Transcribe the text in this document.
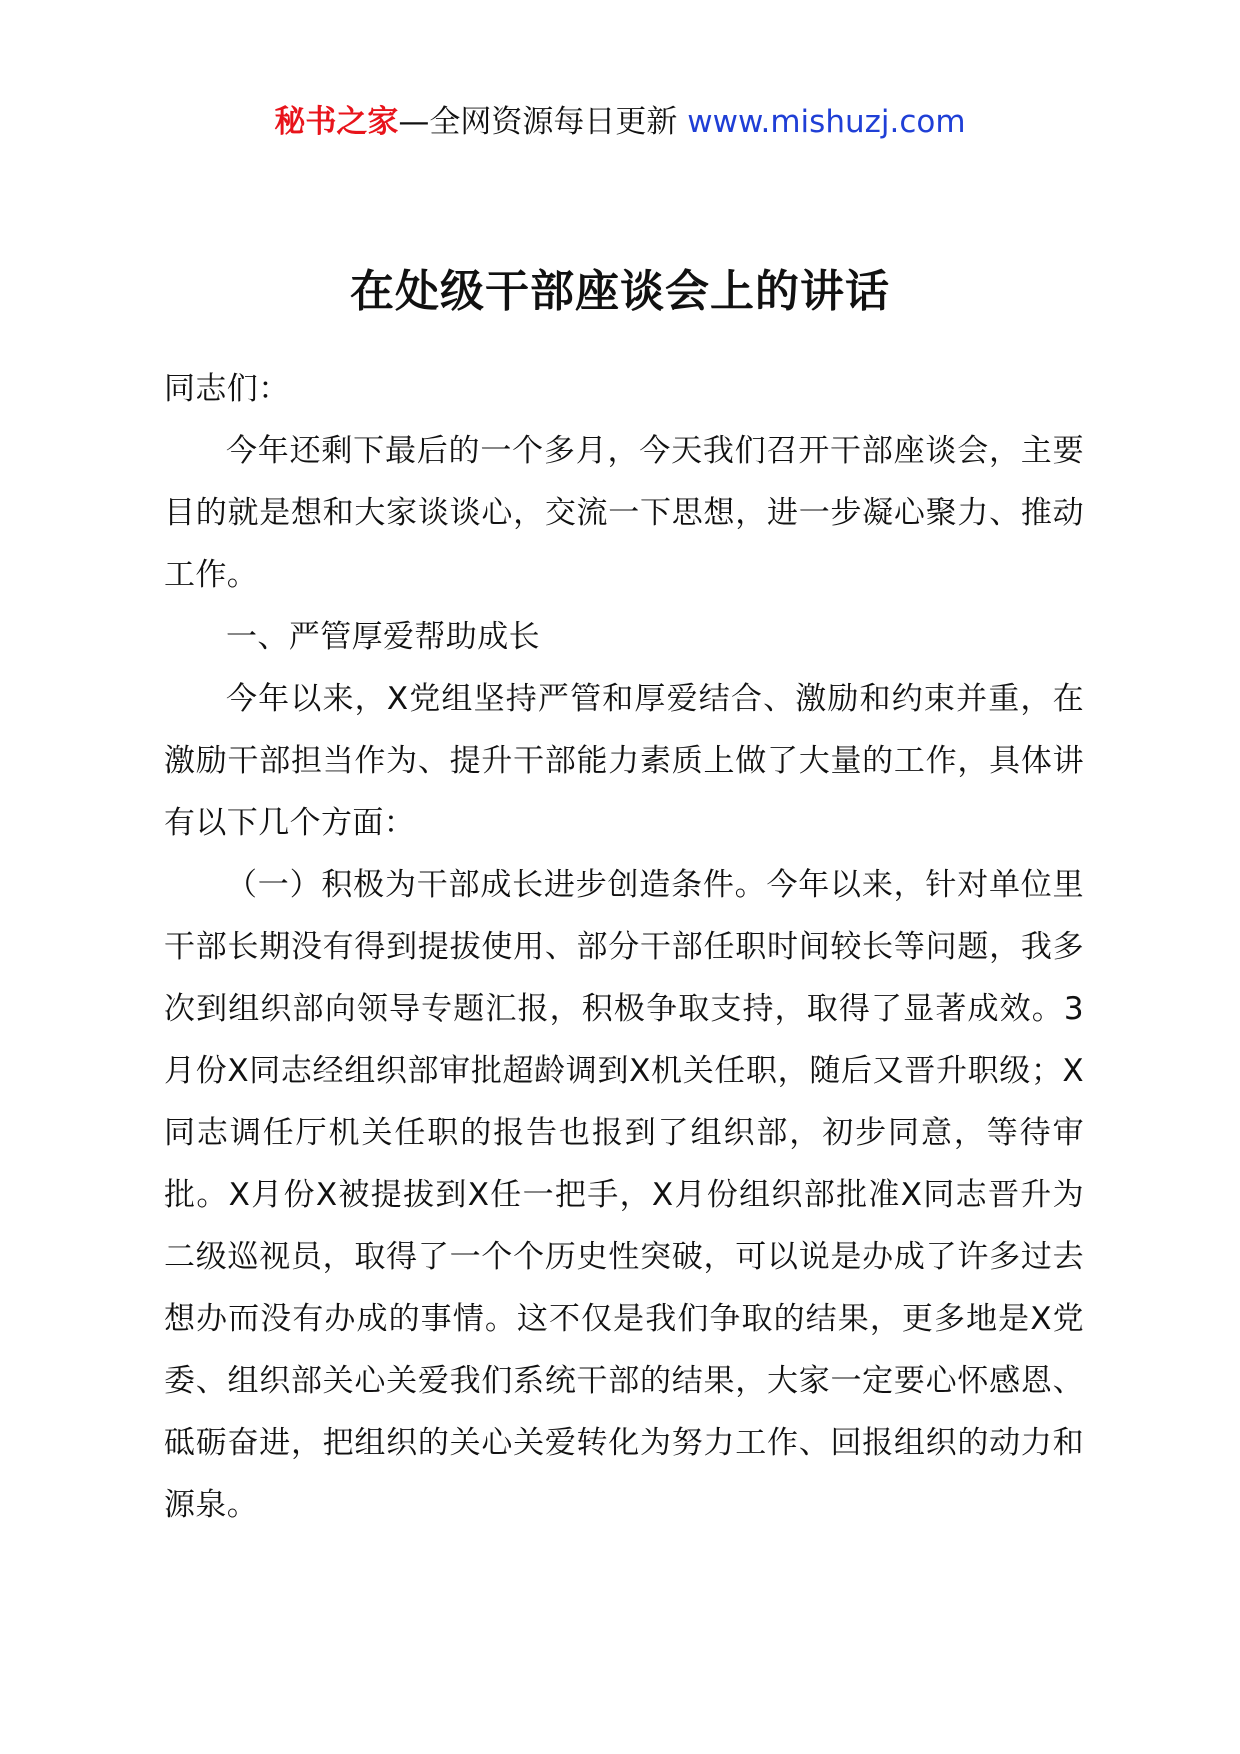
秘书之家—全网资源每日更新 www.mishuzj.com
在处级干部座谈会上的讲话

同志们：

今年还剩下最后的一个多月，今天我们召开干部座谈会，主要目的就是想和大家谈谈心，交流一下思想，进一步凝心聚力、推动工作。

一、严管厚爱帮助成长

今年以来，X党组坚持严管和厚爱结合、激励和约束并重，在激励干部担当作为、提升干部能力素质上做了大量的工作，具体讲有以下几个方面：

（一）积极为干部成长进步创造条件。今年以来，针对单位里干部长期没有得到提拔使用、部分干部任职时间较长等问题，我多次到组织部向领导专题汇报，积极争取支持，取得了显著成效。3月份X同志经组织部审批超龄调到X机关任职，随后又晋升职级；X同志调任厅机关任职的报告也报到了组织部，初步同意，等待审批。X月份X被提拔到X任一把手，X月份组织部批准X同志晋升为二级巡视员，取得了一个个历史性突破，可以说是办成了许多过去想办而没有办成的事情。这不仅是我们争取的结果，更多地是X党委、组织部关心关爱我们系统干部的结果，大家一定要心怀感恩、砥砺奋进，把组织的关心关爱转化为努力工作、回报组织的动力和源泉。
